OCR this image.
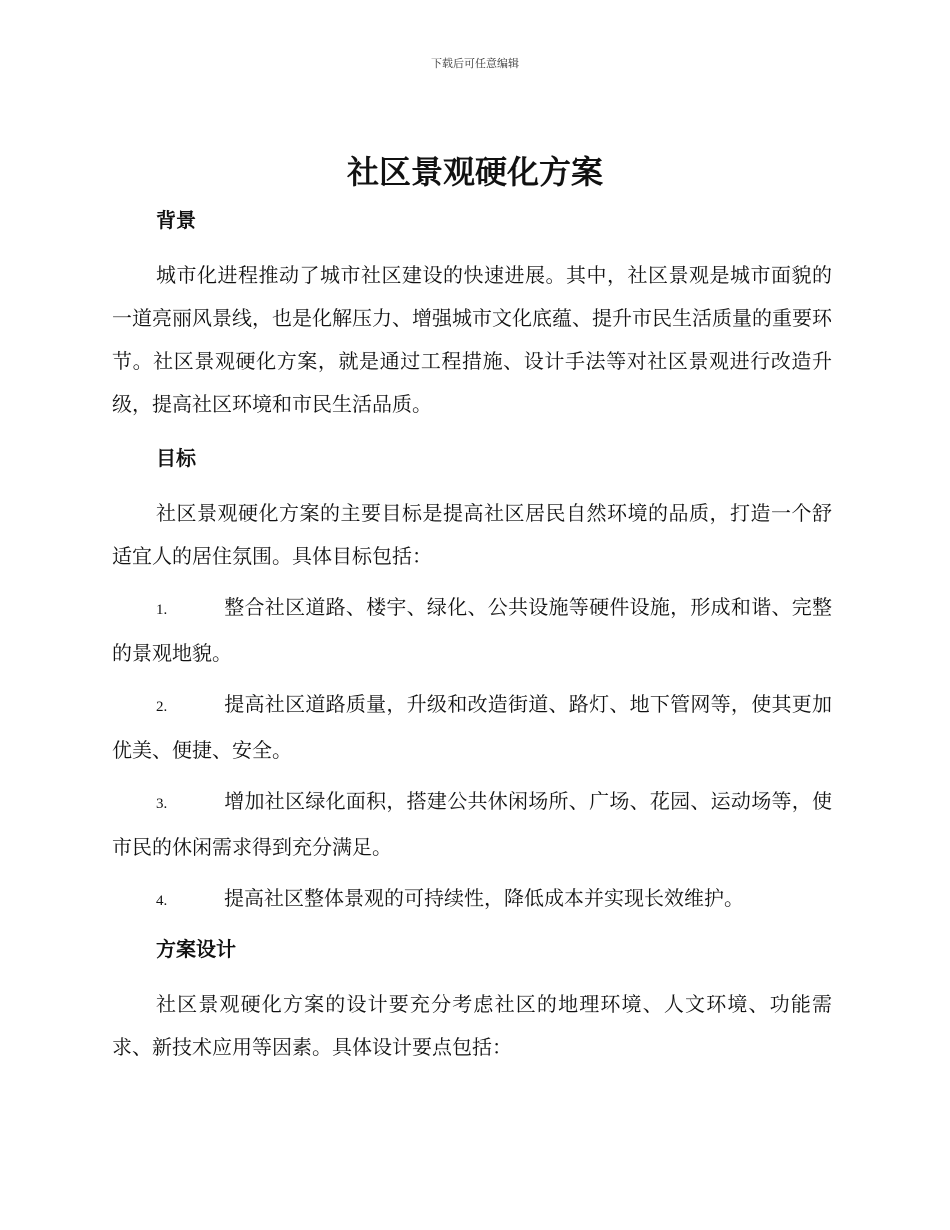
下载后可任意编辑
社区景观硬化方案
背景

城市化进程推动了城市社区建设的快速进展。其中，社区景观是城市面貌的一道亮丽风景线，也是化解压力、增强城市文化底蕴、提升市民生活质量的重要环节。社区景观硬化方案，就是通过工程措施、设计手法等对社区景观进行改造升级，提高社区环境和市民生活品质。

目标

社区景观硬化方案的主要目标是提高社区居民自然环境的品质，打造一个舒适宜人的居住氛围。具体目标包括：

1.	整合社区道路、楼宇、绿化、公共设施等硬件设施，形成和谐、完整的景观地貌。

2.	提高社区道路质量，升级和改造街道、路灯、地下管网等，使其更加优美、便捷、安全。

3.	增加社区绿化面积，搭建公共休闲场所、广场、花园、运动场等，使市民的休闲需求得到充分满足。

4.	提高社区整体景观的可持续性，降低成本并实现长效维护。

方案设计

社区景观硬化方案的设计要充分考虑社区的地理环境、人文环境、功能需求、新技术应用等因素。具体设计要点包括：
